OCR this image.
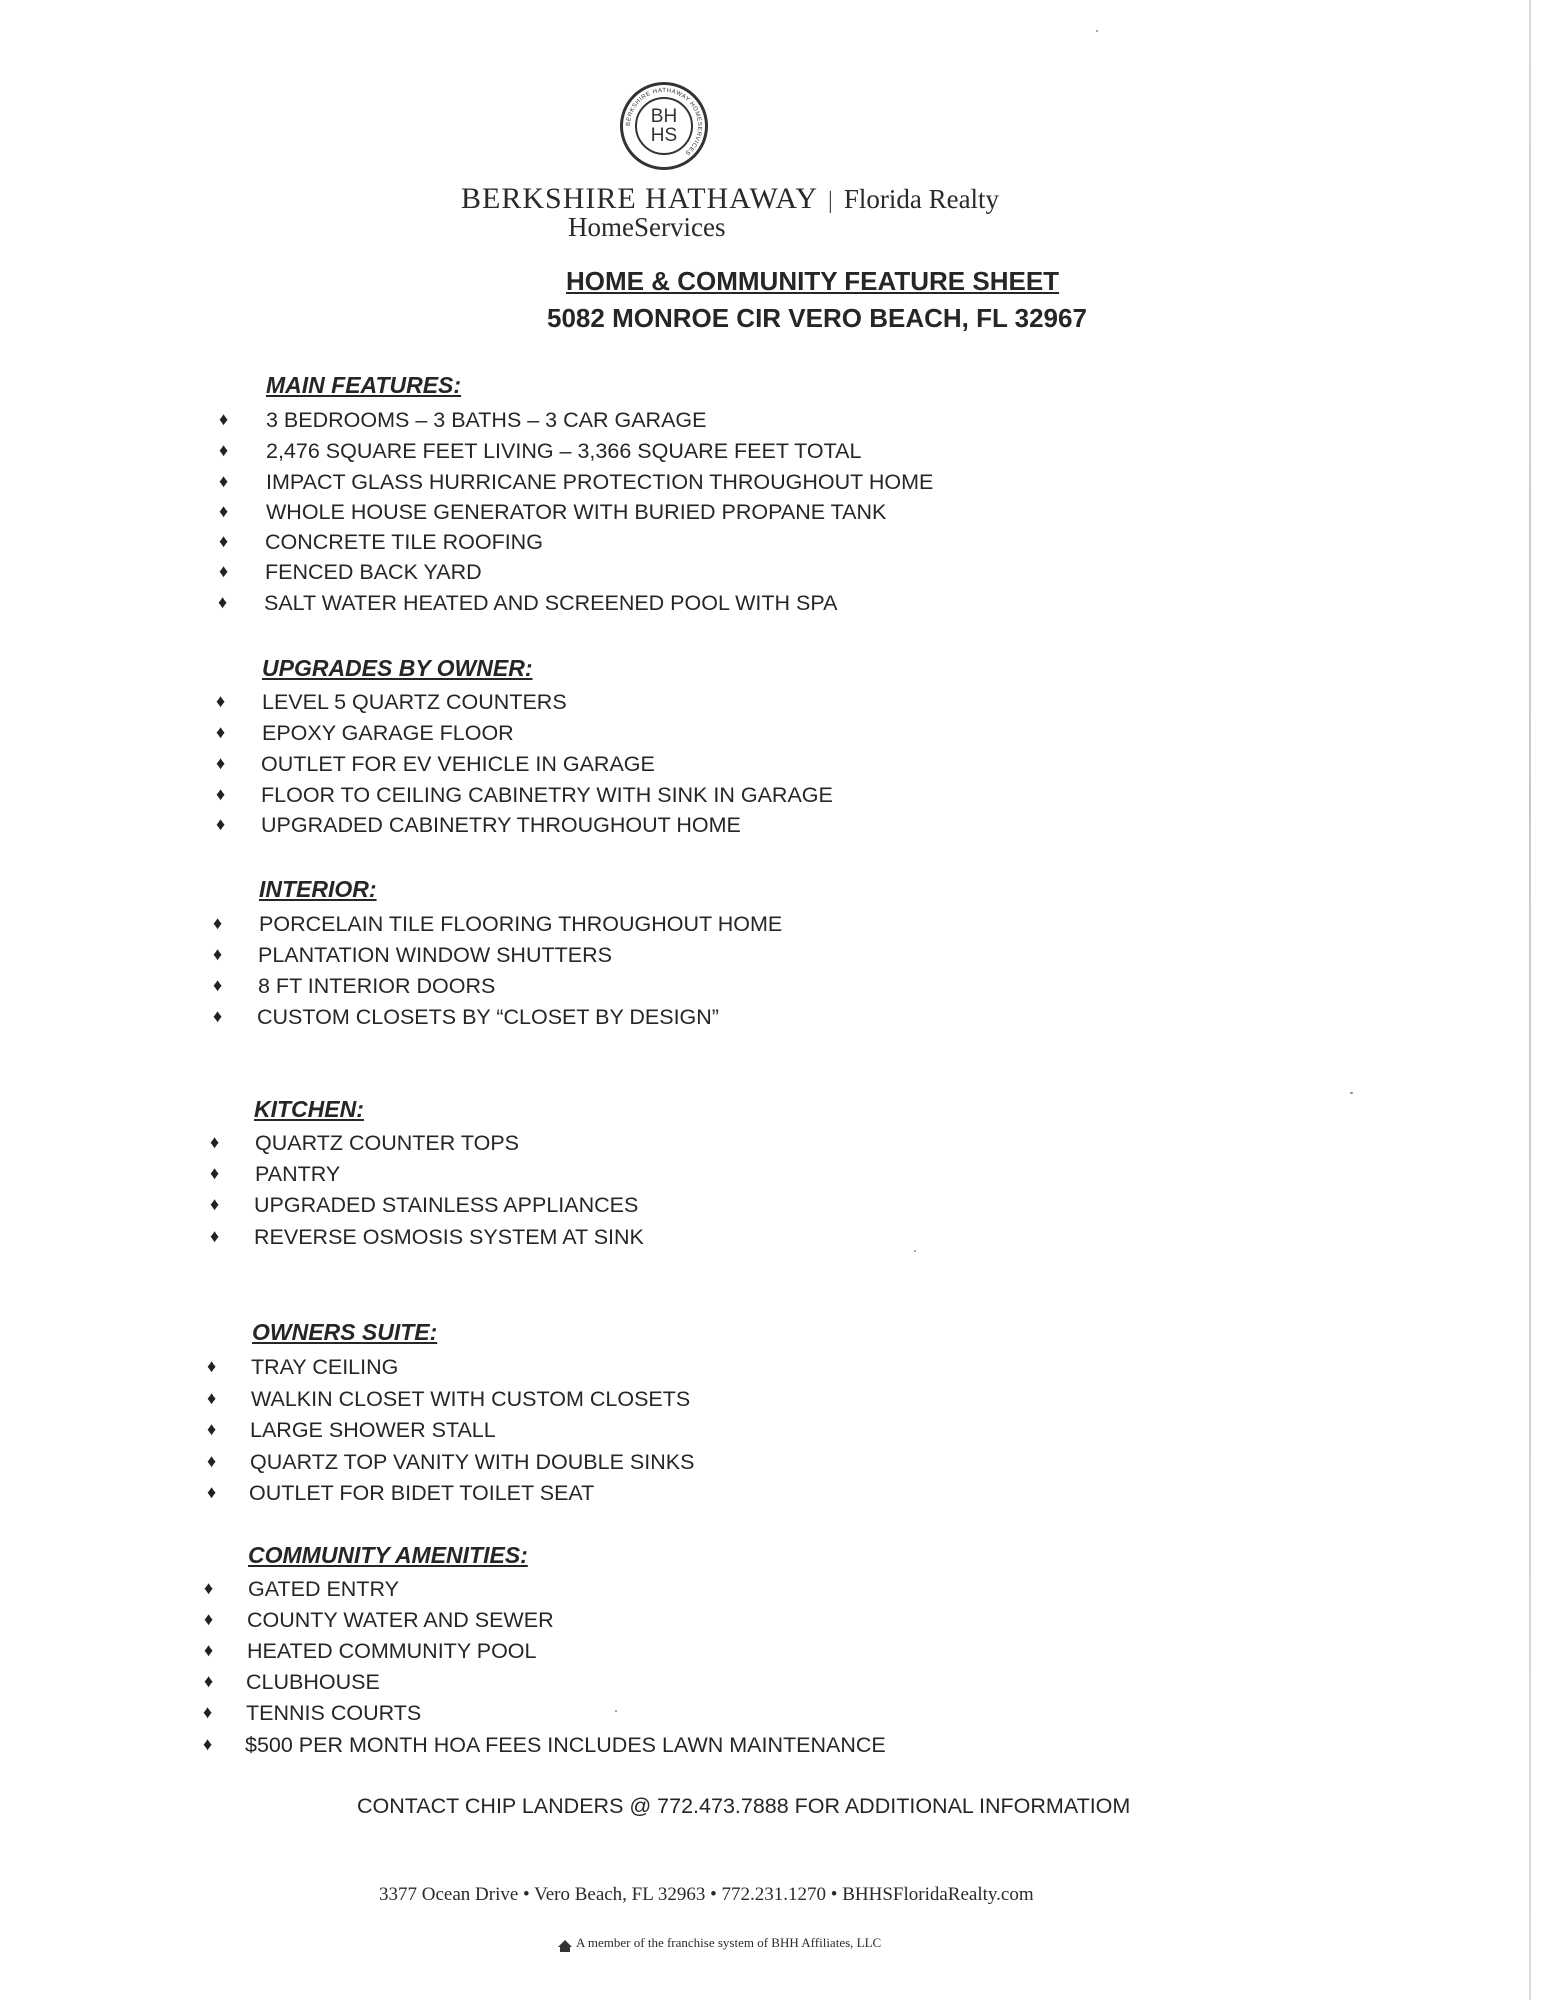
BERKSHIRE HATHAWAY HOMESERVICES
BH
HS
BERKSHIRE HATHAWAY | Florida Realty
HomeServices
HOME & COMMUNITY FEATURE SHEET
5082 MONROE CIR VERO BEACH, FL 32967
MAIN FEATURES:
♦ 3 BEDROOMS – 3 BATHS – 3 CAR GARAGE
♦ 2,476 SQUARE FEET LIVING – 3,366 SQUARE FEET TOTAL
♦ IMPACT GLASS HURRICANE PROTECTION THROUGHOUT HOME
♦ WHOLE HOUSE GENERATOR WITH BURIED PROPANE TANK
♦ CONCRETE TILE ROOFING
♦ FENCED BACK YARD
♦ SALT WATER HEATED AND SCREENED POOL WITH SPA
UPGRADES BY OWNER:
♦ LEVEL 5 QUARTZ COUNTERS
♦ EPOXY GARAGE FLOOR
♦ OUTLET FOR EV VEHICLE IN GARAGE
♦ FLOOR TO CEILING CABINETRY WITH SINK IN GARAGE
♦ UPGRADED CABINETRY THROUGHOUT HOME
INTERIOR:
♦ PORCELAIN TILE FLOORING THROUGHOUT HOME
♦ PLANTATION WINDOW SHUTTERS
♦ 8 FT INTERIOR DOORS
♦ CUSTOM CLOSETS BY “CLOSET BY DESIGN”
KITCHEN:
♦ QUARTZ COUNTER TOPS
♦ PANTRY
♦ UPGRADED STAINLESS APPLIANCES
♦ REVERSE OSMOSIS SYSTEM AT SINK
OWNERS SUITE:
♦ TRAY CEILING
♦ WALKIN CLOSET WITH CUSTOM CLOSETS
♦ LARGE SHOWER STALL
♦ QUARTZ TOP VANITY WITH DOUBLE SINKS
♦ OUTLET FOR BIDET TOILET SEAT
COMMUNITY AMENITIES:
♦ GATED ENTRY
♦ COUNTY WATER AND SEWER
♦ HEATED COMMUNITY POOL
♦ CLUBHOUSE
♦ TENNIS COURTS
♦ $500 PER MONTH HOA FEES INCLUDES LAWN MAINTENANCE
CONTACT CHIP LANDERS @ 772.473.7888 FOR ADDITIONAL INFORMATIOM
3377 Ocean Drive • Vero Beach, FL 32963 • 772.231.1270 • BHHSFloridaRealty.com
A member of the franchise system of BHH Affiliates, LLC
